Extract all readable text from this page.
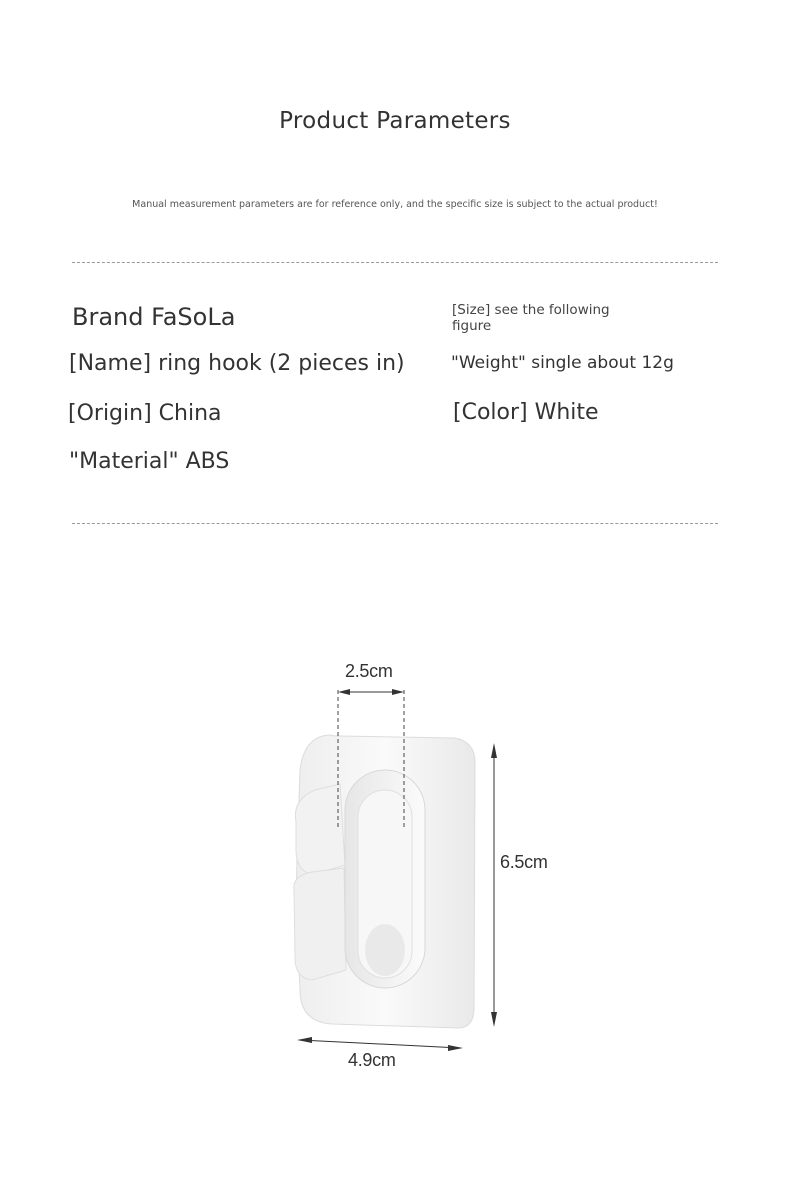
Product Parameters
Manual measurement parameters are for reference only, and the specific size is subject to the actual product!
Brand FaSoLa
[Name] ring hook (2 pieces in)
[Origin] China
"Material" ABS
[Size] see the following figure
"Weight" single about 12g
[Color] White
2.5cm
6.5cm
4.9cm
